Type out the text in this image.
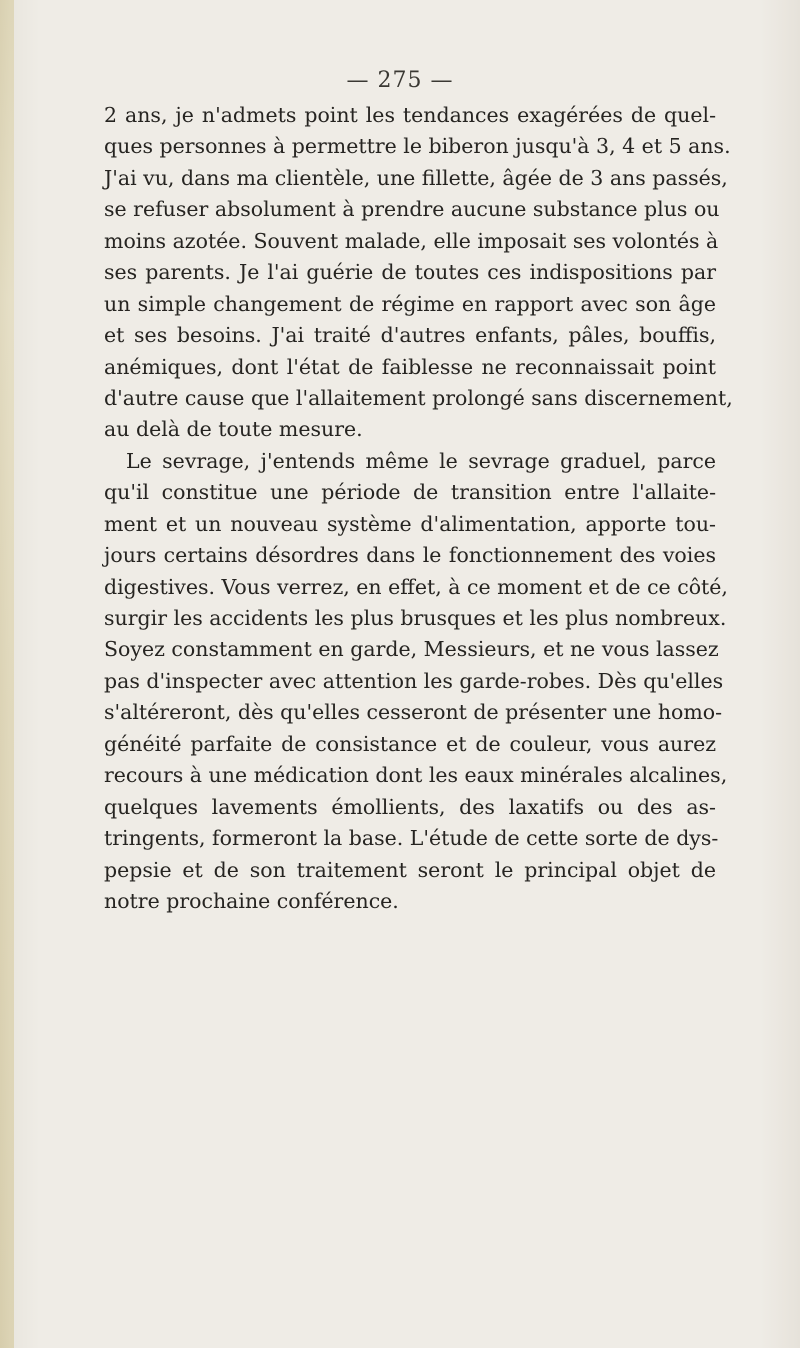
— 275 —
2 ans, je n'admets point les tendances exagérées de quel-
ques personnes à permettre le biberon jusqu'à 3, 4 et 5 ans.
J'ai vu, dans ma clientèle, une fillette, âgée de 3 ans passés,
se refuser absolument à prendre aucune substance plus ou
moins azotée. Souvent malade, elle imposait ses volontés à
ses parents. Je l'ai guérie de toutes ces indispositions par
un simple changement de régime en rapport avec son âge
et ses besoins. J'ai traité d'autres enfants, pâles, bouffis,
anémiques, dont l'état de faiblesse ne reconnaissait point
d'autre cause que l'allaitement prolongé sans discernement,
au delà de toute mesure.
Le sevrage, j'entends même le sevrage graduel, parce
qu'il constitue une période de transition entre l'allaite-
ment et un nouveau système d'alimentation, apporte tou-
jours certains désordres dans le fonctionnement des voies
digestives. Vous verrez, en effet, à ce moment et de ce côté,
surgir les accidents les plus brusques et les plus nombreux.
Soyez constamment en garde, Messieurs, et ne vous lassez
pas d'inspecter avec attention les garde-robes. Dès qu'elles
s'altéreront, dès qu'elles cesseront de présenter une homo-
généité parfaite de consistance et de couleur, vous aurez
recours à une médication dont les eaux minérales alcalines,
quelques lavements émollients, des laxatifs ou des as-
tringents, formeront la base. L'étude de cette sorte de dys-
pepsie et de son traitement seront le principal objet de
notre prochaine conférence.
